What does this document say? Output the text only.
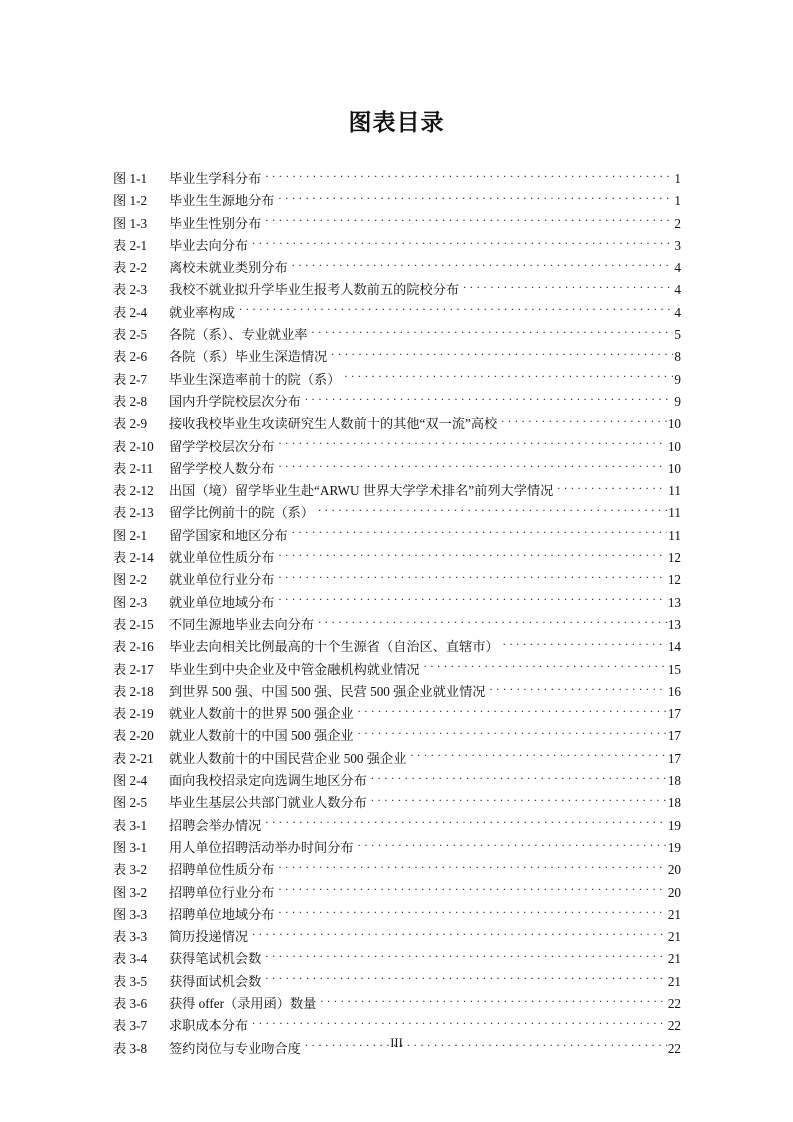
图表目录
图 1-1	毕业生学科分布 . . .	1
图 1-2	毕业生生源地分布 . . .	1
图 1-3	毕业生性别分布 . . .	2
表 2-1	毕业去向分布 . . .	3
表 2-2	离校未就业类别分布 . . .	4
表 2-3	我校不就业拟升学毕业生报考人数前五的院校分布 . . .	4
表 2-4	就业率构成 . . .	4
表 2-5	各院（系）、专业就业率 . . .	5
表 2-6	各院（系）毕业生深造情况 . . .	8
表 2-7	毕业生深造率前十的院（系） . . .	9
表 2-8	国内升学院校层次分布 . . .	9
表 2-9	接收我校毕业生攻读研究生人数前十的其他“双一流”高校 . . .	10
表 2-10	留学学校层次分布 . . .	10
表 2-11	留学学校人数分布 . . .	10
表 2-12	出国（境）留学毕业生赴“ARWU 世界大学学术排名”前列大学情况 . . .	11
表 2-13	留学比例前十的院（系） . . .	11
图 2-1	留学国家和地区分布 . . .	11
表 2-14	就业单位性质分布 . . .	12
图 2-2	就业单位行业分布 . . .	12
图 2-3	就业单位地域分布 . . .	13
表 2-15	不同生源地毕业去向分布 . . .	13
表 2-16	毕业去向相关比例最高的十个生源省（自治区、直辖市） . . .	14
表 2-17	毕业生到中央企业及中管金融机构就业情况 . . .	15
表 2-18	到世界 500 强、中国 500 强、民营 500 强企业就业情况 . . .	16
表 2-19	就业人数前十的世界 500 强企业 . . .	17
表 2-20	就业人数前十的中国 500 强企业 . . .	17
表 2-21	就业人数前十的中国民营企业 500 强企业 . . .	17
图 2-4	面向我校招录定向选调生地区分布 . . .	18
图 2-5	毕业生基层公共部门就业人数分布 . . .	18
表 3-1	招聘会举办情况 . . .	19
图 3-1	用人单位招聘活动举办时间分布 . . .	19
表 3-2	招聘单位性质分布 . . .	20
图 3-2	招聘单位行业分布 . . .	20
图 3-3	招聘单位地域分布 . . .	21
表 3-3	简历投递情况 . . .	21
表 3-4	获得笔试机会数 . . .	21
表 3-5	获得面试机会数 . . .	21
表 3-6	获得 offer（录用函）数量 . . .	22
表 3-7	求职成本分布 . . .	22
表 3-8	签约岗位与专业吻合度 . . .	22
III
